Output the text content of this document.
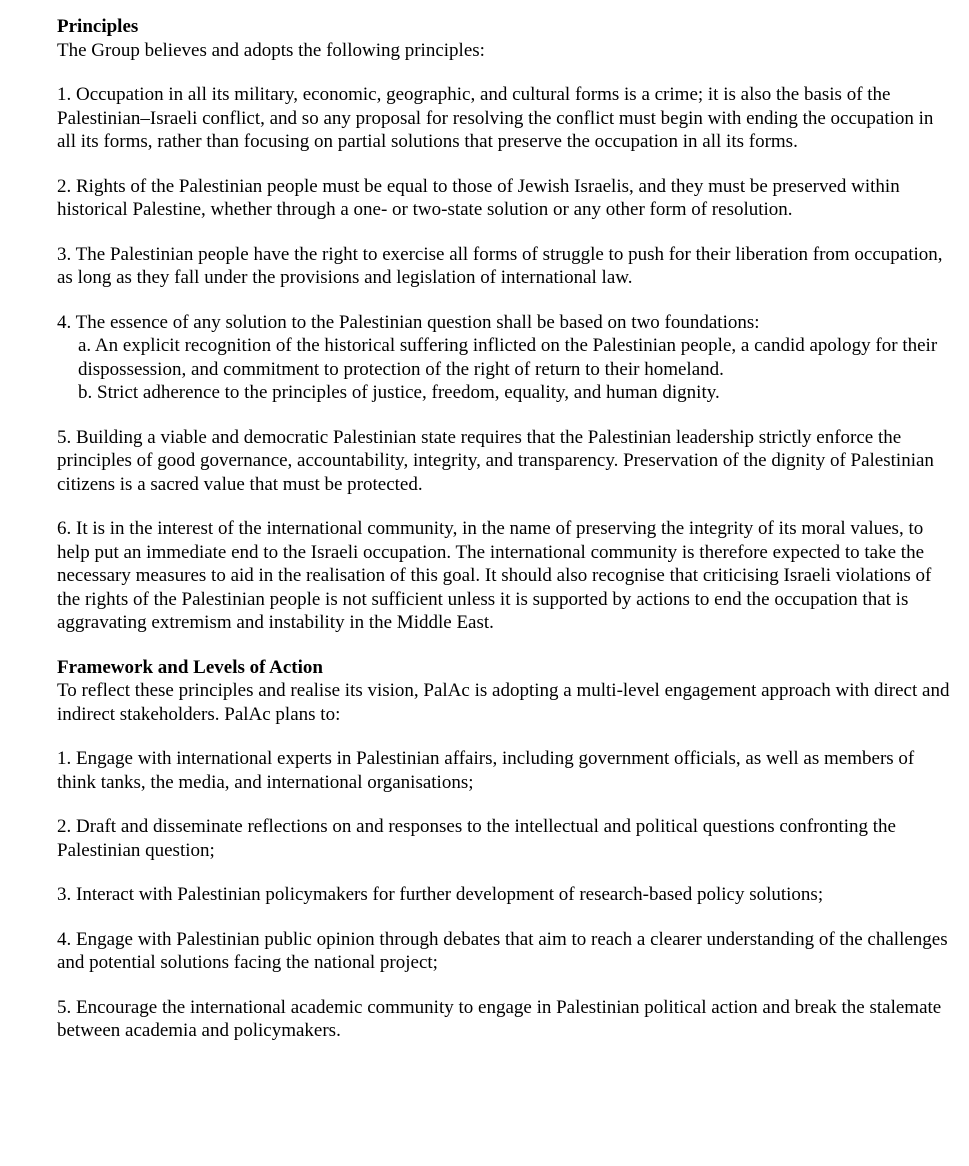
Principles

The Group believes and adopts the following principles:

1. Occupation in all its military, economic, geographic, and cultural forms is a crime; it is also the basis of the Palestinian–Israeli conflict, and so any proposal for resolving the conflict must begin with ending the occupation in all its forms, rather than focusing on partial solutions that preserve the occupation in all its forms.

2. Rights of the Palestinian people must be equal to those of Jewish Israelis, and they must be preserved within historical Palestine, whether through a one- or two-state solution or any other form of resolution.

3. The Palestinian people have the right to exercise all forms of struggle to push for their liberation from occupation, as long as they fall under the provisions and legislation of international law.

4. The essence of any solution to the Palestinian question shall be based on two foundations:

a. An explicit recognition of the historical suffering inflicted on the Palestinian people, a candid apology for their dispossession, and commitment to protection of the right of return to their homeland.

b. Strict adherence to the principles of justice, freedom, equality, and human dignity.

5. Building a viable and democratic Palestinian state requires that the Palestinian leadership strictly enforce the principles of good governance, accountability, integrity, and transparency. Preservation of the dignity of Palestinian citizens is a sacred value that must be protected.

6. It is in the interest of the international community, in the name of preserving the integrity of its moral values, to help put an immediate end to the Israeli occupation. The international community is therefore expected to take the necessary measures to aid in the realisation of this goal. It should also recognise that criticising Israeli violations of the rights of the Palestinian people is not sufficient unless it is supported by actions to end the occupation that is aggravating extremism and instability in the Middle East.

Framework and Levels of Action

To reflect these principles and realise its vision, PalAc is adopting a multi-level engagement approach with direct and indirect stakeholders. PalAc plans to:

1. Engage with international experts in Palestinian affairs, including government officials, as well as members of think tanks, the media, and international organisations;

2. Draft and disseminate reflections on and responses to the intellectual and political questions confronting the Palestinian question;

3. Interact with Palestinian policymakers for further development of research-based policy solutions;

4. Engage with Palestinian public opinion through debates that aim to reach a clearer understanding of the challenges and potential solutions facing the national project;

5. Encourage the international academic community to engage in Palestinian political action and break the stalemate between academia and policymakers.
